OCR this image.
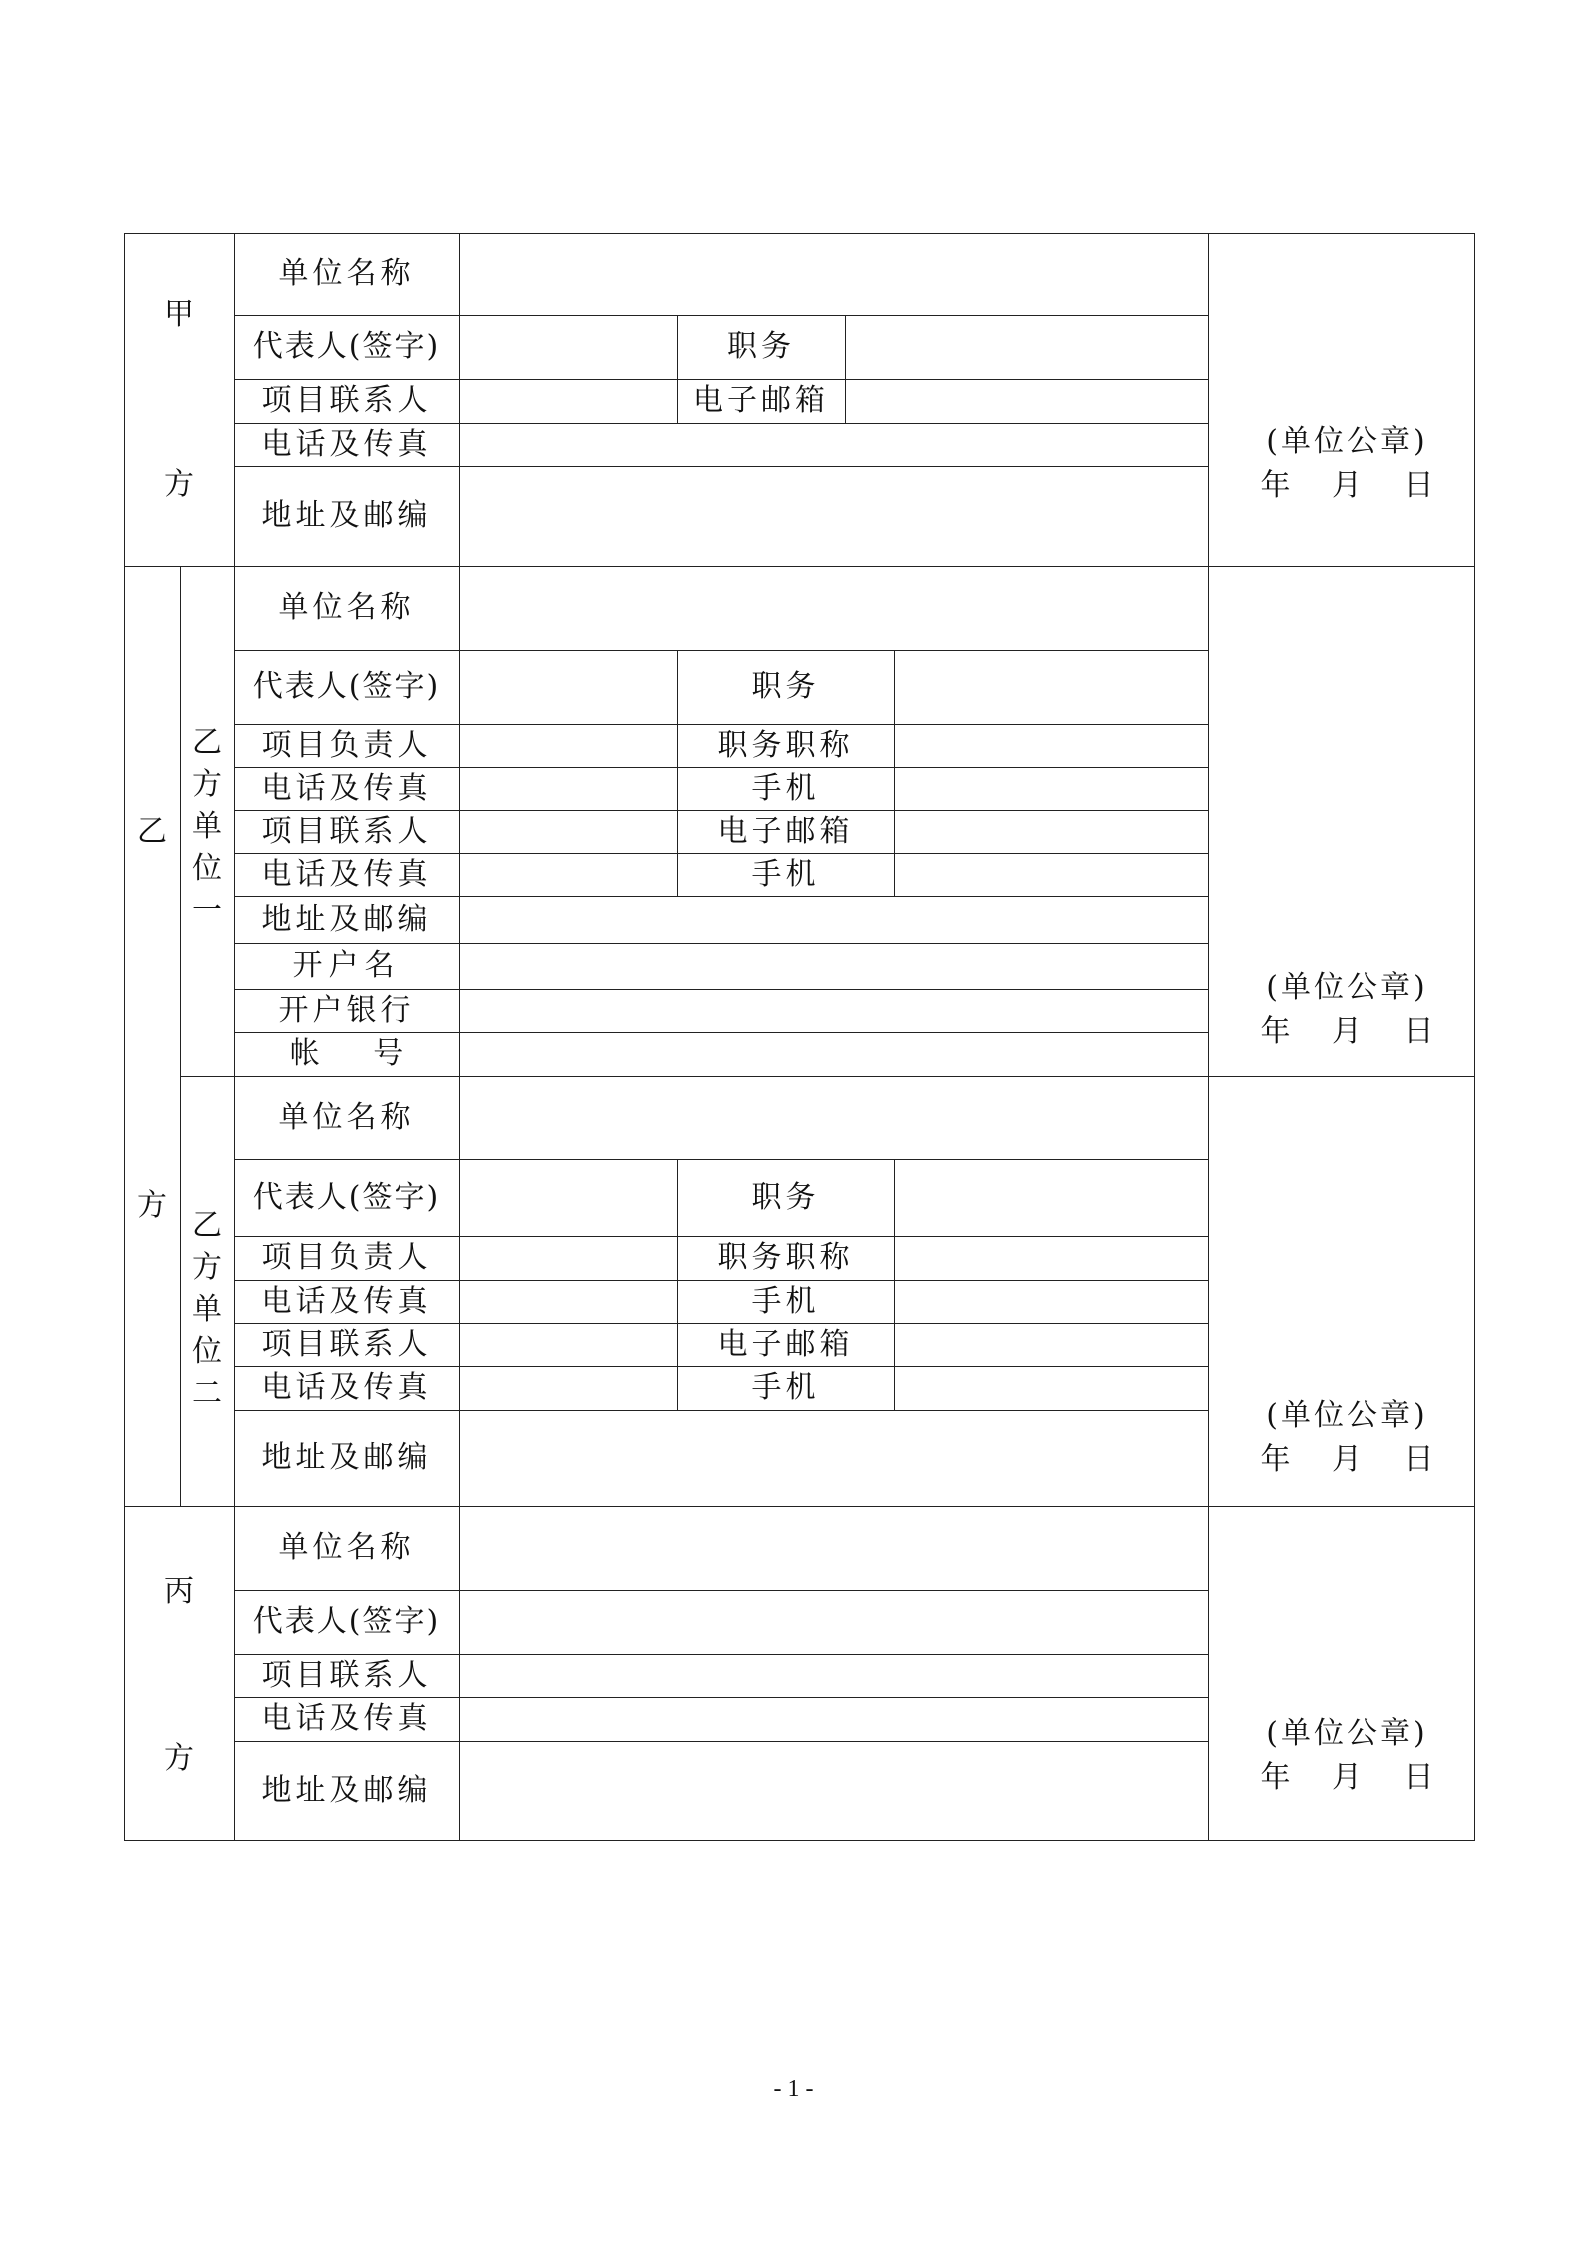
甲
方
单位名称
代表人(签字)	职务
项目联系人	电子邮箱
电话及传真
地址及邮编
(单位公章)
年 月 日
乙
方
乙
方
单
位
一
单位名称
代表人(签字)	职务
项目负责人	职务职称
电话及传真	手机
项目联系人	电子邮箱
电话及传真	手机
地址及邮编
开户名
开户银行
帐 号
(单位公章)
年 月 日
乙
方
单
位
二
单位名称
代表人(签字)	职务
项目负责人	职务职称
电话及传真	手机
项目联系人	电子邮箱
电话及传真	手机
地址及邮编
(单位公章)
年 月 日
丙
方
单位名称
代表人(签字)
项目联系人
电话及传真
地址及邮编
(单位公章)
年 月 日
- 1 -
